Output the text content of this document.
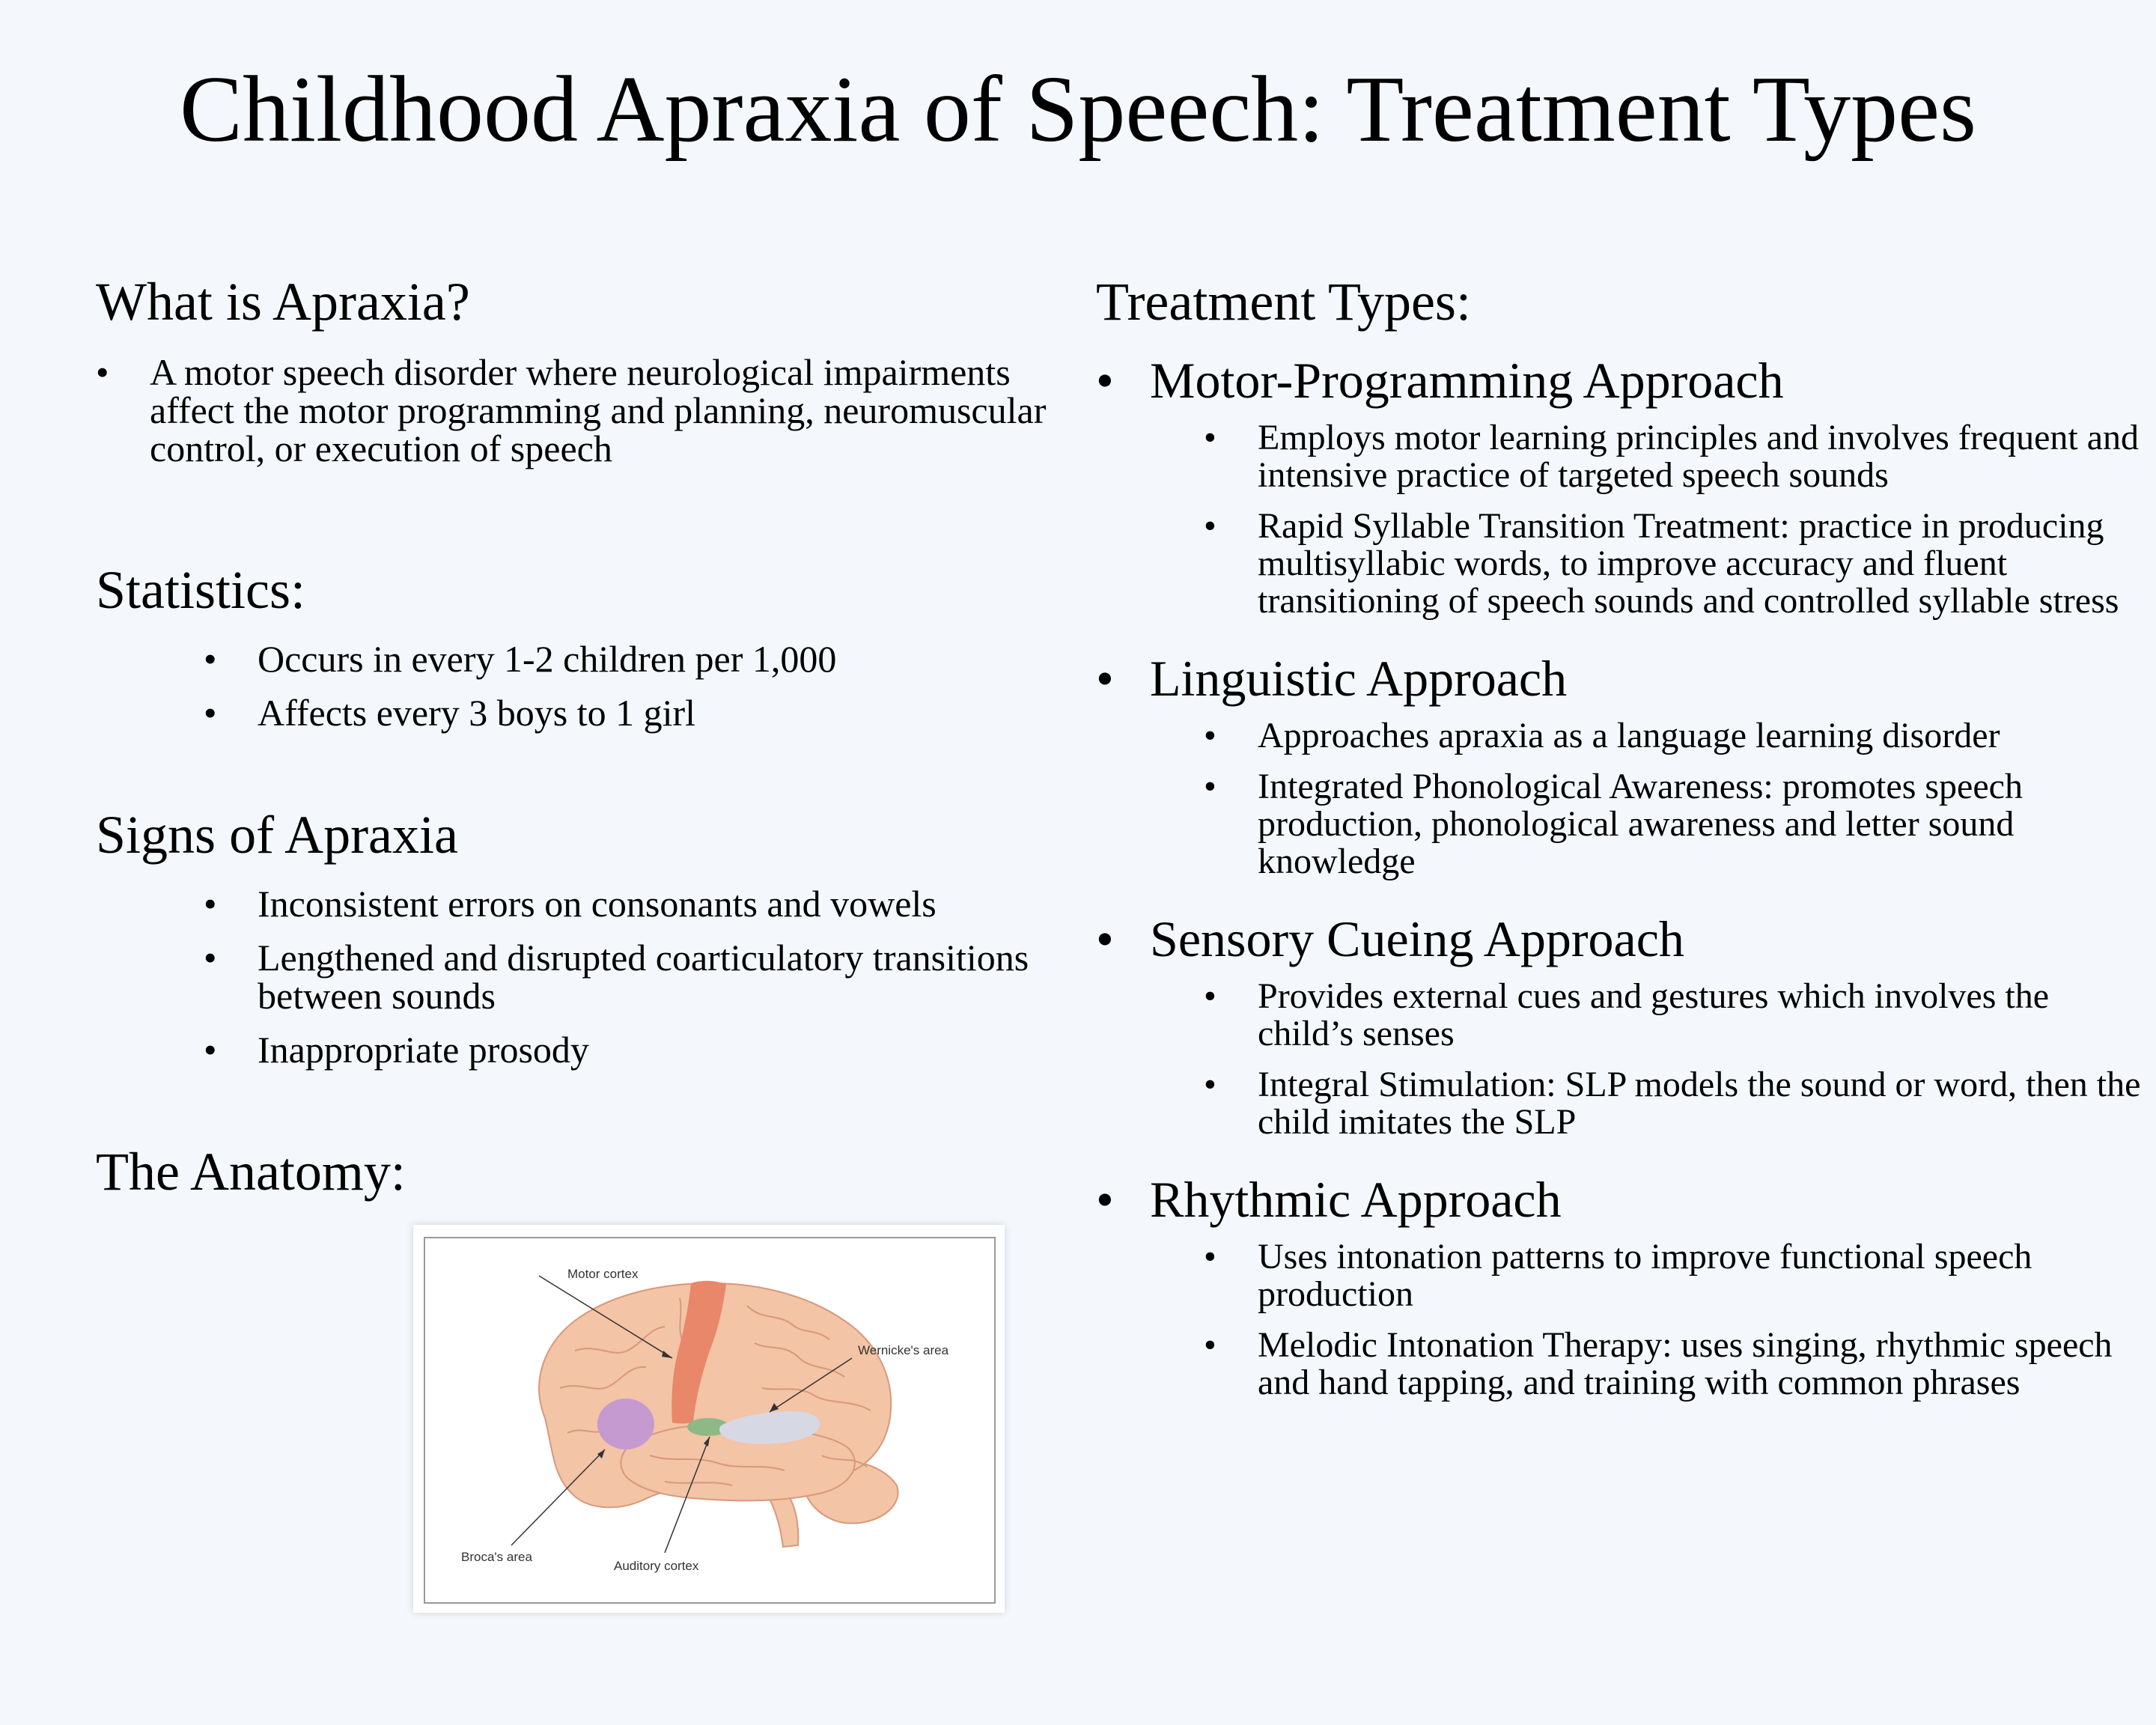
Childhood Apraxia of Speech: Treatment Types
What is Apraxia?
• A motor speech disorder where neurological impairments affect the motor programming and planning, neuromuscular control, or execution of speech
Statistics:
• Occurs in every 1-2 children per 1,000
• Affects every 3 boys to 1 girl
Signs of Apraxia
• Inconsistent errors on consonants and vowels
• Lengthened and disrupted coarticulatory transitions between sounds
• Inappropriate prosody
The Anatomy:
Motor cortex
Wernicke's area
Broca's area
Auditory cortex
Treatment Types:
• Motor-Programming Approach
• Employs motor learning principles and involves frequent and intensive practice of targeted speech sounds
• Rapid Syllable Transition Treatment: practice in producing multisyllabic words, to improve accuracy and fluent transitioning of speech sounds and controlled syllable stress
• Linguistic Approach
• Approaches apraxia as a language learning disorder
• Integrated Phonological Awareness: promotes speech production, phonological awareness and letter sound knowledge
• Sensory Cueing Approach
• Provides external cues and gestures which involves the child’s senses
• Integral Stimulation: SLP models the sound or word, then the child imitates the SLP
• Rhythmic Approach
• Uses intonation patterns to improve functional speech production
• Melodic Intonation Therapy: uses singing, rhythmic speech and hand tapping, and training with common phrases
